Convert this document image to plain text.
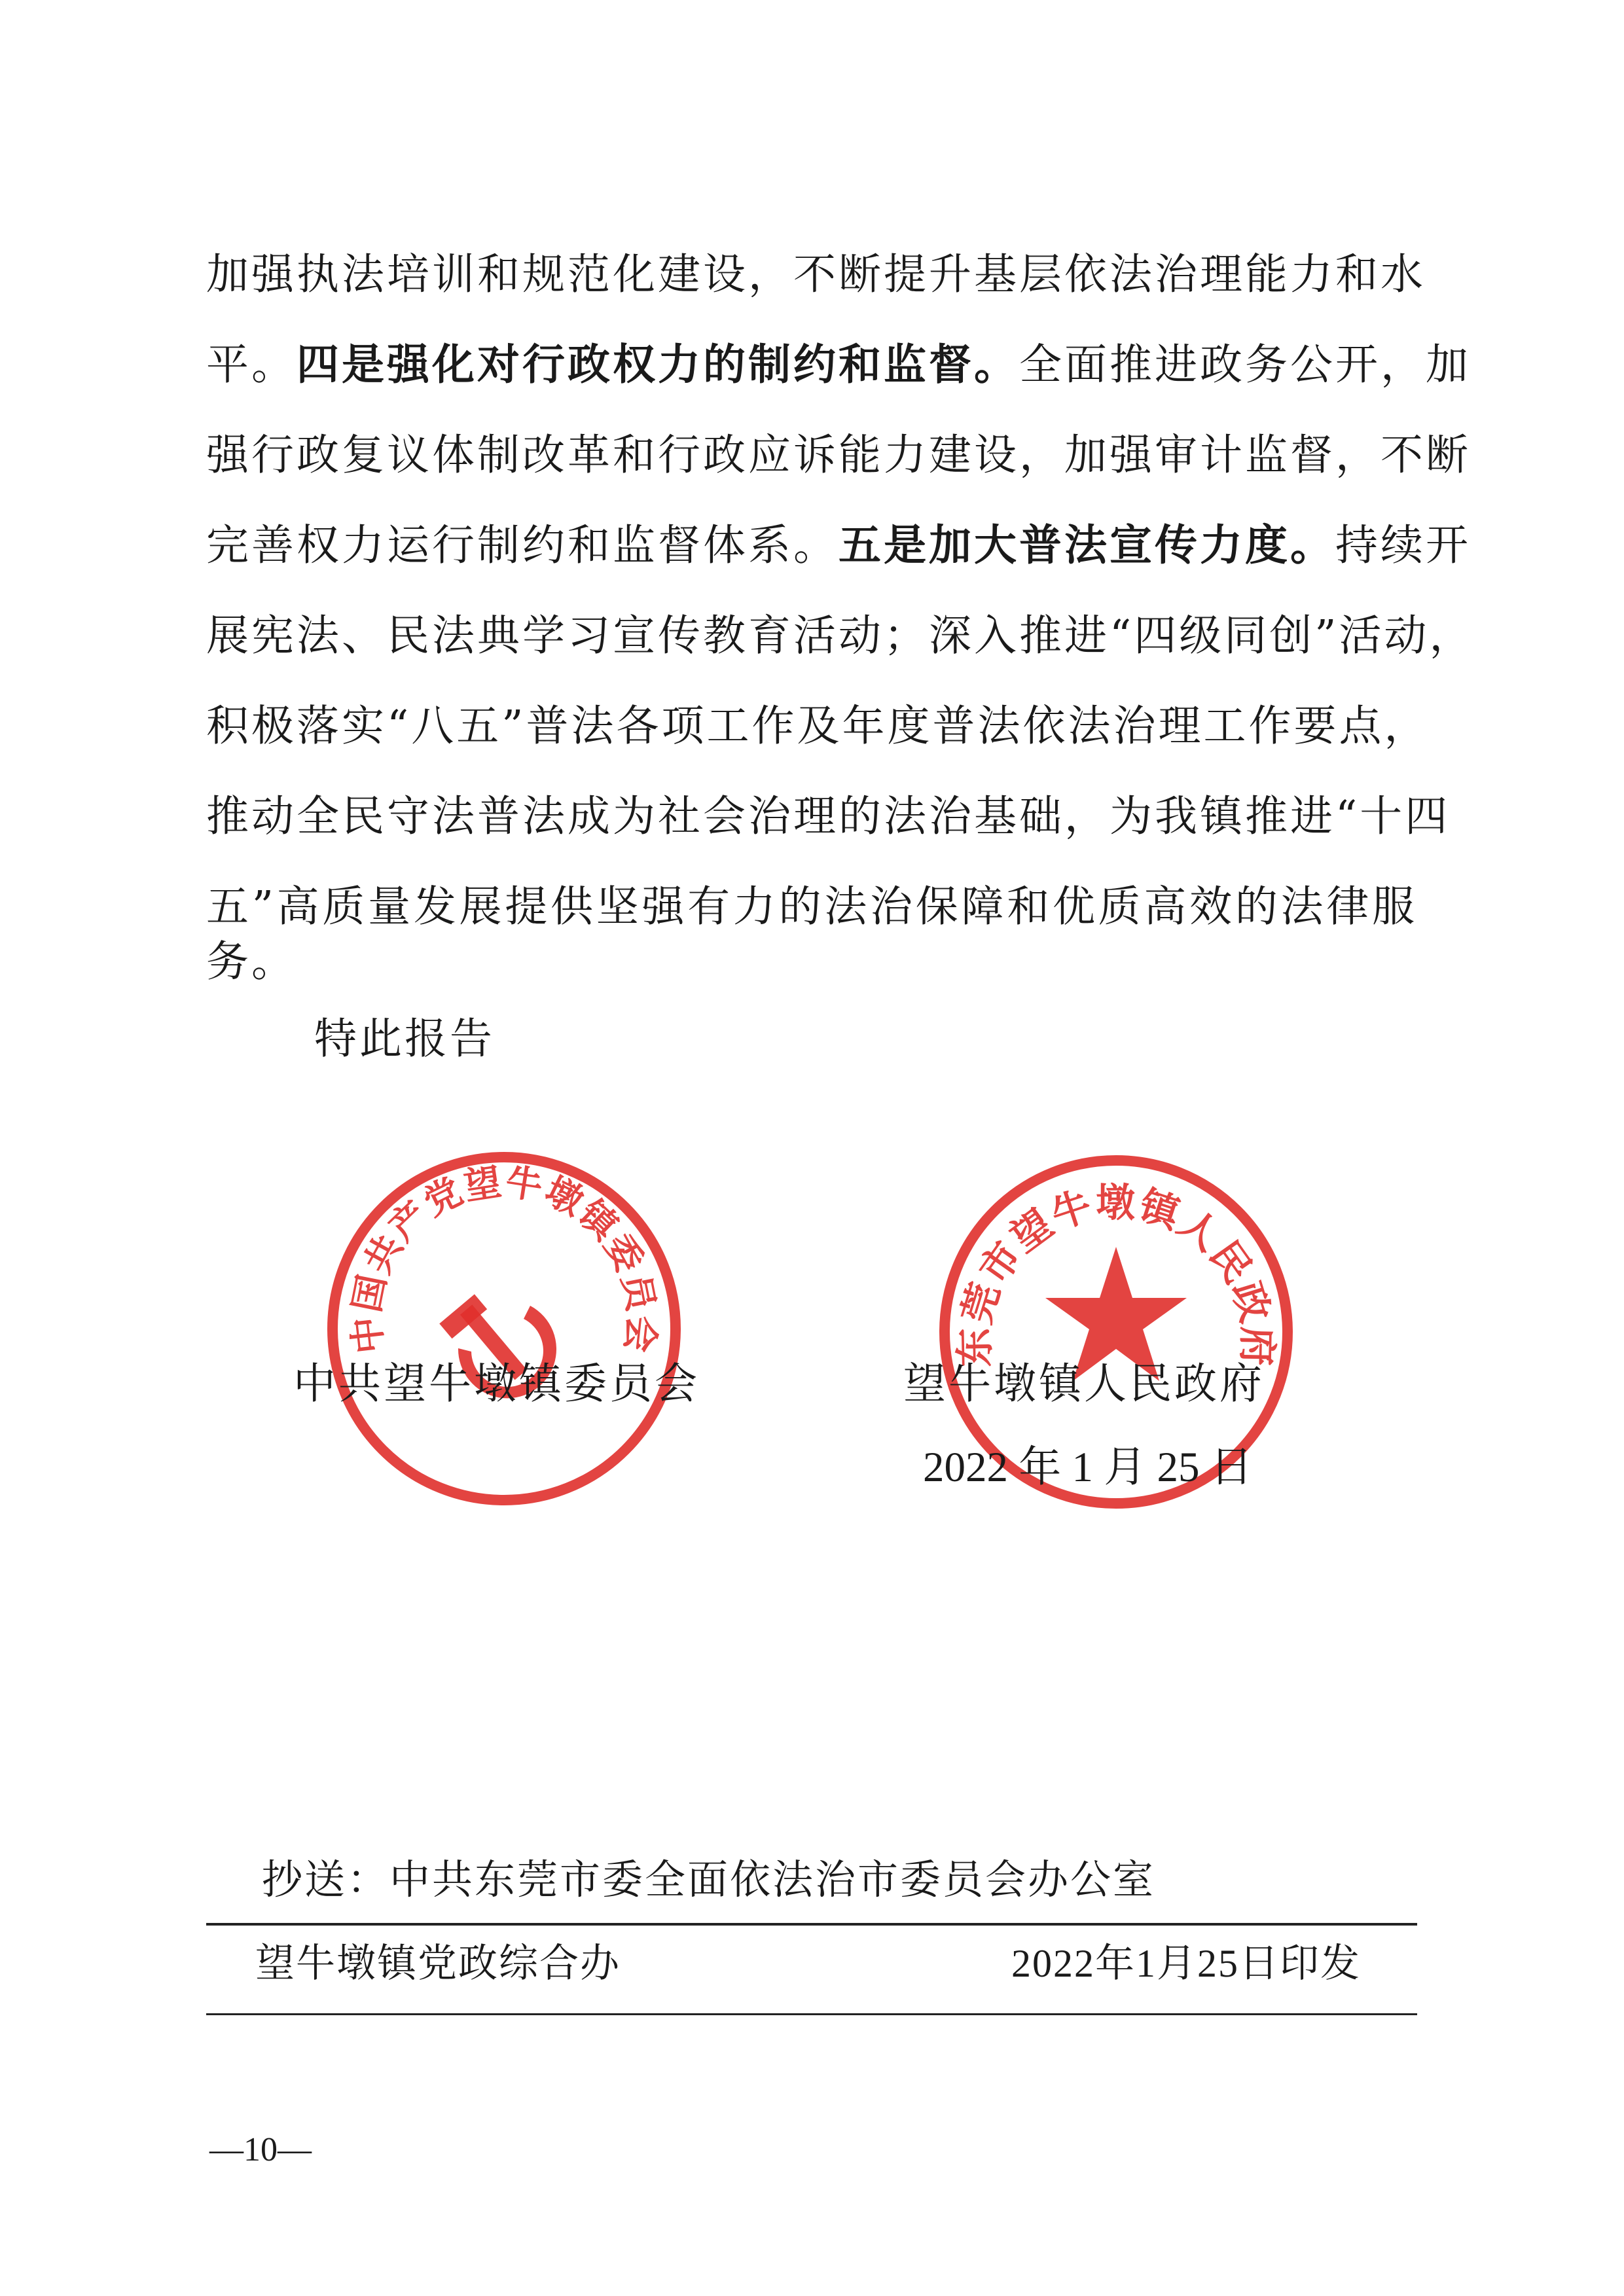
加强执法培训和规范化建设，不断提升基层依法治理能力和水
平。四是强化对行政权力的制约和监督。全面推进政务公开，加
强行政复议体制改革和行政应诉能力建设，加强审计监督，不断
完善权力运行制约和监督体系。五是加大普法宣传力度。持续开
展宪法、民法典学习宣传教育活动；深入推进“四级同创”活动，
积极落实“八五”普法各项工作及年度普法依法治理工作要点，
推动全民守法普法成为社会治理的法治基础，为我镇推进“十四
五”高质量发展提供坚强有力的法治保障和优质高效的法律服
务。
特此报告
中国共产党望牛墩镇委员会	东莞市望牛墩镇人民政府
中共望牛墩镇委员会	望牛墩镇人民政府
2022 年 1 月 25 日
抄送：中共东莞市委全面依法治市委员会办公室
望牛墩镇党政综合办	2022年1月25日印发
—10—
